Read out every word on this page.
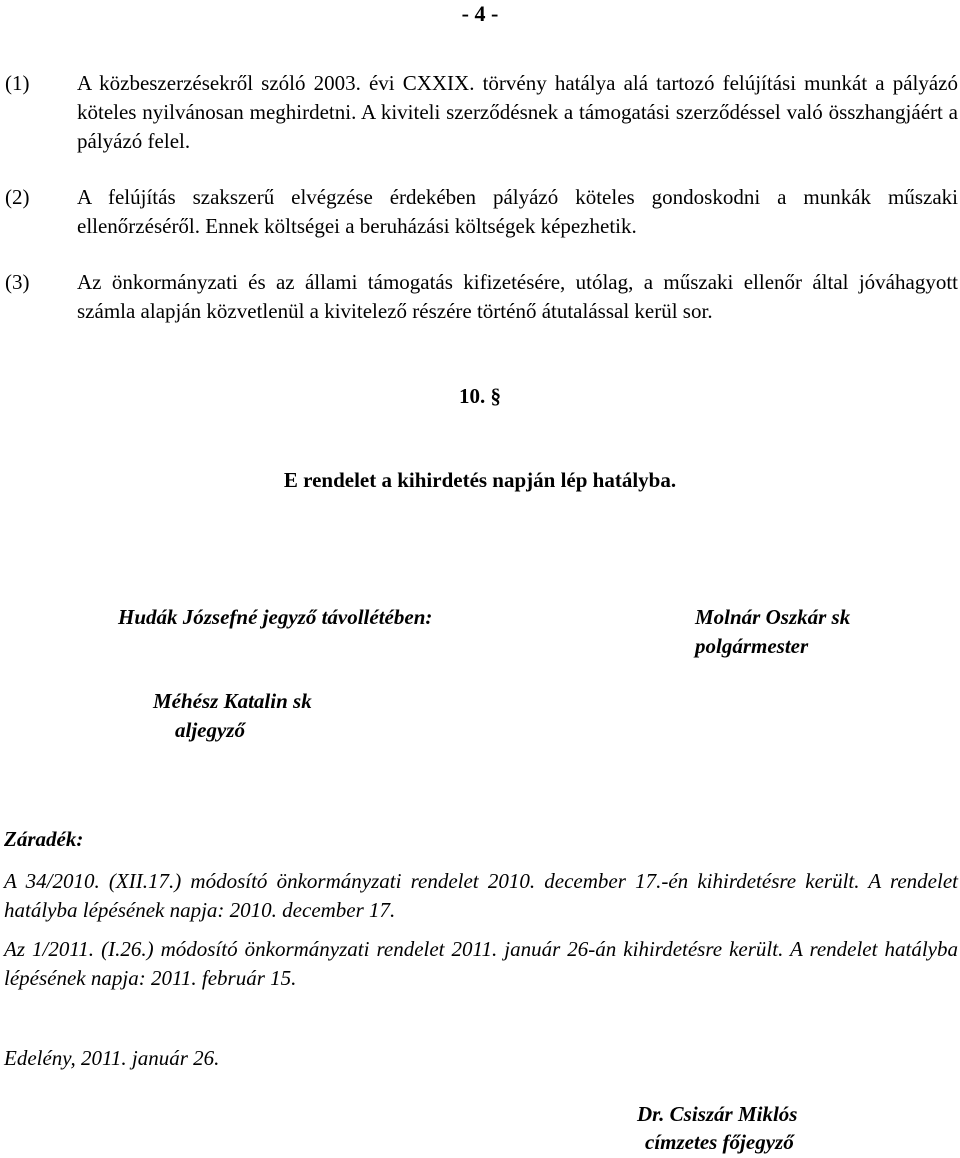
- 4 -
(1) A közbeszerzésekről szóló 2003. évi CXXIX. törvény hatálya alá tartozó felújítási munkát a pályázó köteles nyilvánosan meghirdetni. A kiviteli szerződésnek a támogatási szerződéssel való összhangjáért a pályázó felel.
(2) A felújítás szakszerű elvégzése érdekében pályázó köteles gondoskodni a munkák műszaki ellenőrzéséről. Ennek költségei a beruházási költségek képezhetik.
(3) Az önkormányzati és az állami támogatás kifizetésére, utólag, a műszaki ellenőr által jóváhagyott számla alapján közvetlenül a kivitelező részére történő átutalással kerül sor.
10. §
E rendelet a kihirdetés napján lép hatályba.
Hudák Józsefné jegyző távollétében:	Molnár Oszkár sk
polgármester
Méhész Katalin sk
aljegyző
Záradék:
A 34/2010. (XII.17.) módosító önkormányzati rendelet 2010. december 17.-én kihirdetésre került. A rendelet hatályba lépésének napja: 2010. december 17.
Az 1/2011. (I.26.) módosító önkormányzati rendelet 2011. január 26-án kihirdetésre került. A rendelet hatályba lépésének napja: 2011. február 15.
Edelény, 2011. január 26.
Dr. Csiszár Miklós
címzetes főjegyző
